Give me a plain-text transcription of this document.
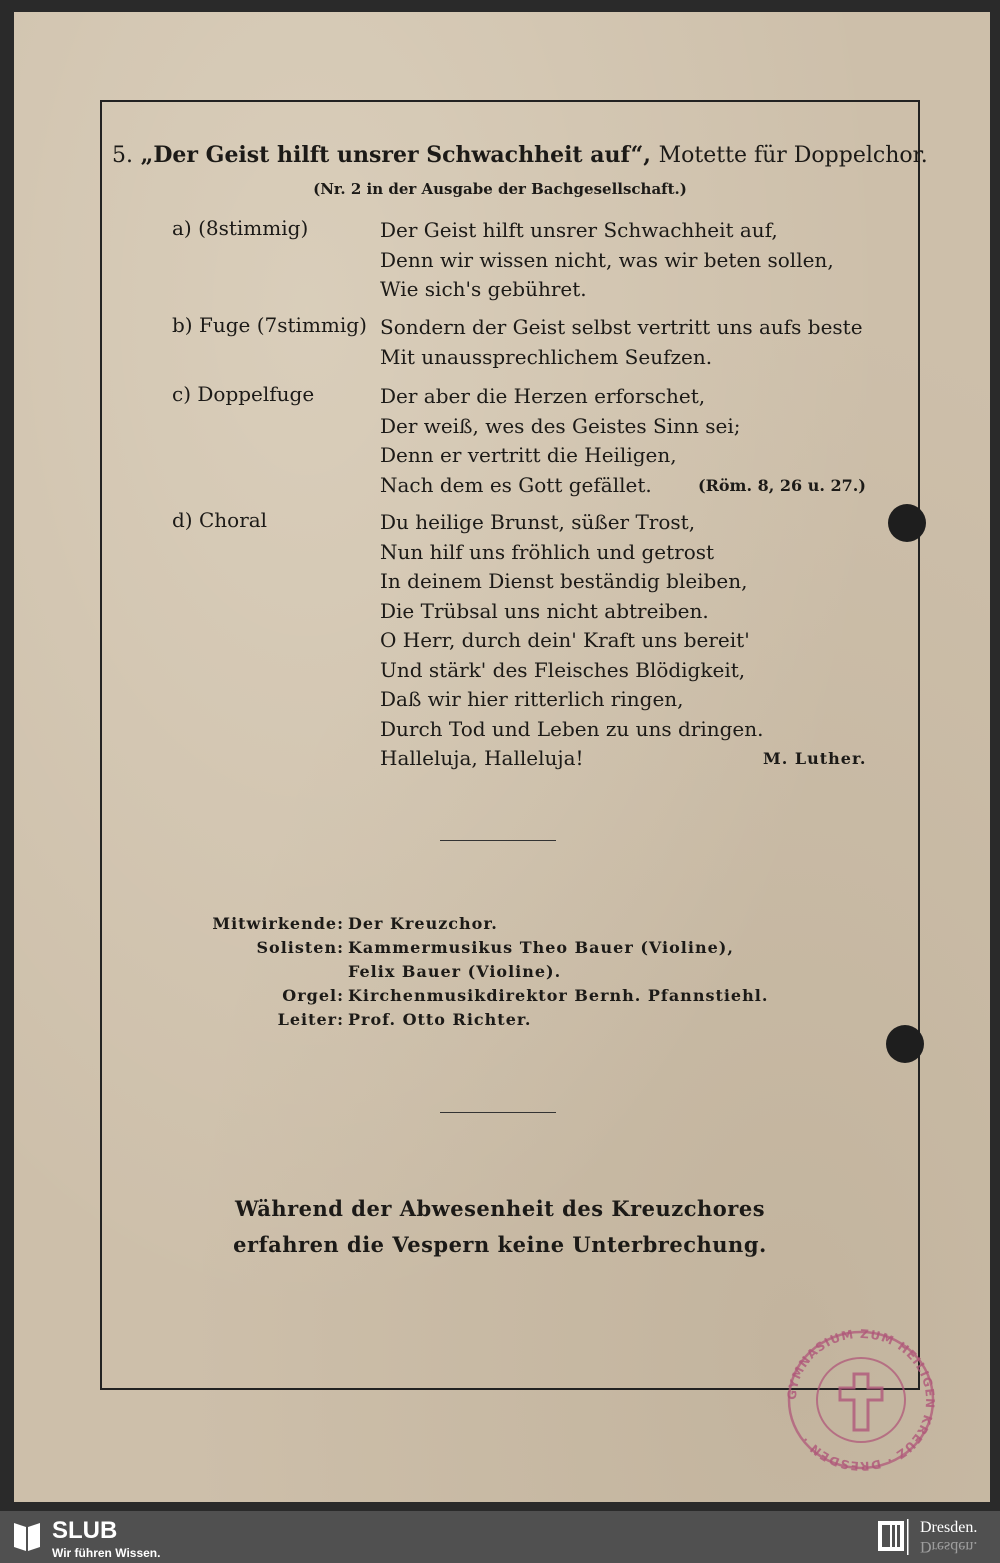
5. „Der Geist hilft unsrer Schwachheit auf“, Motette für Doppelchor.
(Nr. 2 in der Ausgabe der Bachgesellschaft.)
a) (8stimmig)	Der Geist hilft unsrer Schwachheit auf,
Denn wir wissen nicht, was wir beten sollen,
Wie sich's gebühret.
b) Fuge (7stimmig) Sondern der Geist selbst vertritt uns aufs beste
Mit unaussprechlichem Seufzen.
c) Doppelfuge	Der aber die Herzen erforschet,
Der weiß, wes des Geistes Sinn sei;
Denn er vertritt die Heiligen,
Nach dem es Gott gefället.	(Röm. 8, 26 u. 27.)
d) Choral	Du heilige Brunst, süßer Trost,
Nun hilf uns fröhlich und getrost
In deinem Dienst beständig bleiben,
Die Trübsal uns nicht abtreiben.
O Herr, durch dein' Kraft uns bereit'
Und stärk' des Fleisches Blödigkeit,
Daß wir hier ritterlich ringen,
Durch Tod und Leben zu uns dringen.
Halleluja, Halleluja!	M. Luther.
Mitwirkende: Der Kreuzchor.
Solisten: Kammermusikus Theo Bauer (Violine),
Felix Bauer (Violine).
Orgel: Kirchenmusikdirektor Bernh. Pfannstiehl.
Leiter: Prof. Otto Richter.
Während der Abwesenheit des Kreuzchores
erfahren die Vespern keine Unterbrechung.
GYMNASIUM ZUM HEILIGEN KREUZ · DRESDEN ·
SLUB
Wir führen Wissen.
Dresden.
Dresden.
